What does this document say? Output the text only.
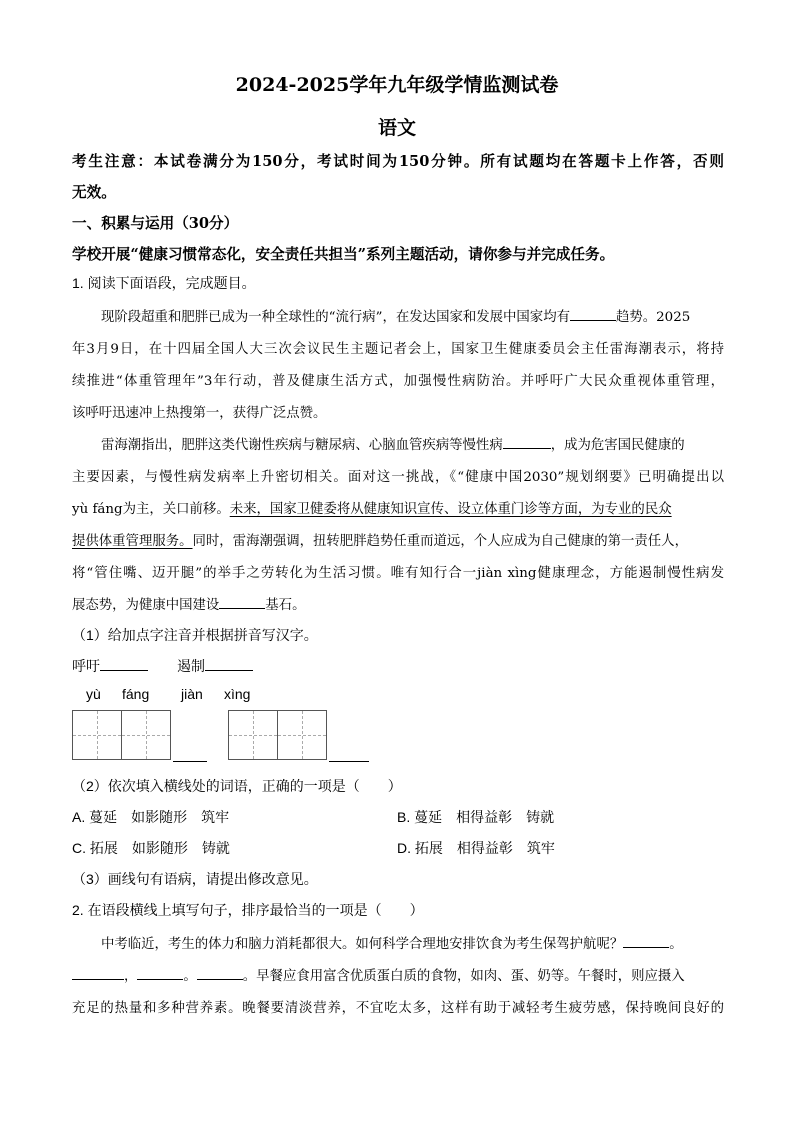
2024-2025学年九年级学情监测试卷
语文
考生注意：本试卷满分为150分，考试时间为150分钟。所有试题均在答题卡上作答，否则
无效。
一、积累与运用（30分）
学校开展“健康习惯常态化，安全责任共担当”系列主题活动，请你参与并完成任务。
1. 阅读下面语段，完成题目。
现阶段超重和肥胖已成为一种全球性的“流行病”，在发达国家和发展中国家均有	趋势。2025
年3月9日，在十四届全国人大三次会议民生主题记者会上，国家卫生健康委员会主任雷海潮表示，将持
续推进“体重管理年”3年行动，普及健康生活方式，加强慢性病防治。并呼吁广大民众重视体重管理，
该呼吁迅速冲上热搜第一，获得广泛点赞。
雷海潮指出，肥胖这类代谢性疾病与糖尿病、心脑血管疾病等慢性病	，成为危害国民健康的
主要因素，与慢性病发病率上升密切相关。面对这一挑战，《“健康中国2030”规划纲要》已明确提出以
yù fáng为主，关口前移。未来，国家卫健委将从健康知识宣传、设立体重门诊等方面，为专业的民众
提供体重管理服务。同时，雷海潮强调，扭转肥胖趋势任重而道远，个人应成为自己健康的第一责任人，
将“管住嘴、迈开腿”的举手之劳转化为生活习惯。唯有知行合一jiàn xìng健康理念，方能遏制慢性病发
展态势，为健康中国建设	基石。
（1）给加点字注音并根据拼音写汉字。
呼吁	遏制
yù fáng jiàn xìng
（2）依次填入横线处的词语，正确的一项是（　　）
A. 蔓延　如影随形　筑牢	B. 蔓延　相得益彰　铸就
C. 拓展　如影随形　铸就	D. 拓展　相得益彰　筑牢
（3）画线句有语病，请提出修改意见。
2. 在语段横线上填写句子，排序最恰当的一项是（　　）
中考临近，考生的体力和脑力消耗都很大。如何科学合理地安排饮食为考生保驾护航呢？	。
，	。	。早餐应食用富含优质蛋白质的食物，如肉、蛋、奶等。午餐时，则应摄入
充足的热量和多种营养素。晚餐要清淡营养，不宜吃太多，这样有助于减轻考生疲劳感，保持晚间良好的
